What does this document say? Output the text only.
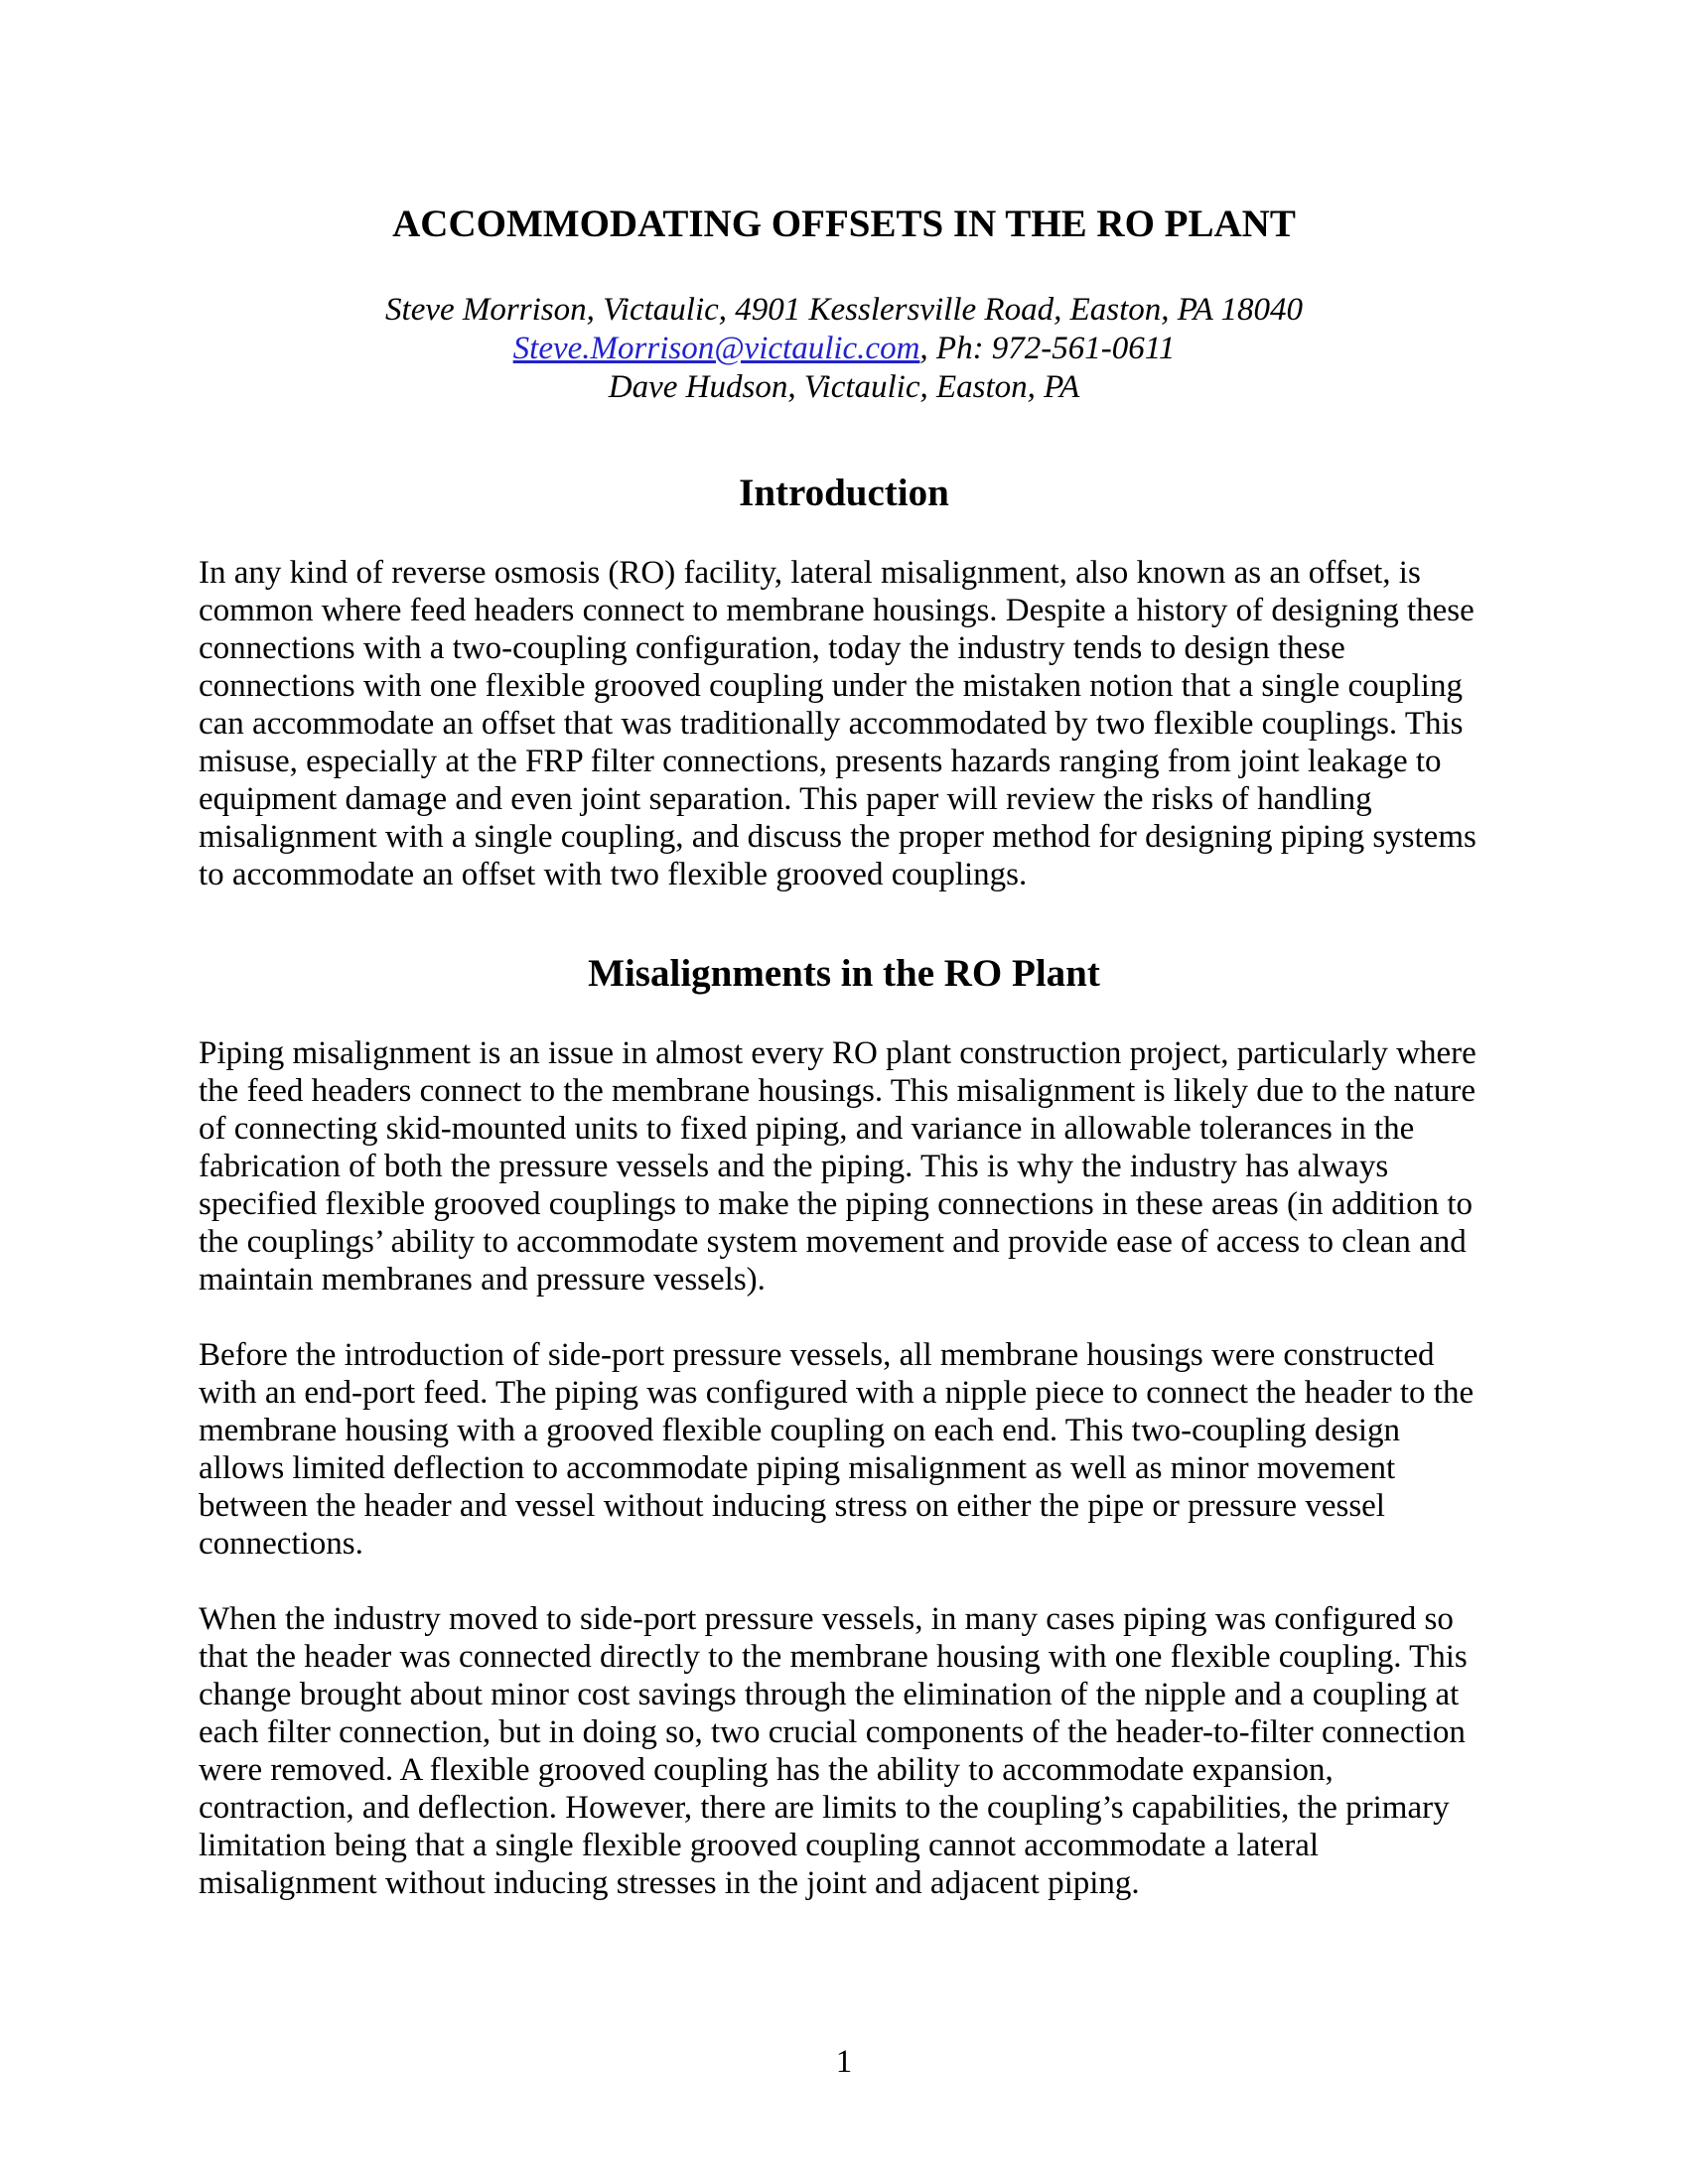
ACCOMMODATING OFFSETS IN THE RO PLANT
Steve Morrison, Victaulic, 4901 Kesslersville Road, Easton, PA 18040
Steve.Morrison@victaulic.com, Ph: 972-561-0611
Dave Hudson, Victaulic, Easton, PA
Introduction

In any kind of reverse osmosis (RO) facility, lateral misalignment, also known as an offset, is common where feed headers connect to membrane housings. Despite a history of designing these connections with a two-coupling configuration, today the industry tends to design these connections with one flexible grooved coupling under the mistaken notion that a single coupling can accommodate an offset that was traditionally accommodated by two flexible couplings. This misuse, especially at the FRP filter connections, presents hazards ranging from joint leakage to equipment damage and even joint separation. This paper will review the risks of handling misalignment with a single coupling, and discuss the proper method for designing piping systems to accommodate an offset with two flexible grooved couplings.

Misalignments in the RO Plant

Piping misalignment is an issue in almost every RO plant construction project, particularly where the feed headers connect to the membrane housings. This misalignment is likely due to the nature of connecting skid-mounted units to fixed piping, and variance in allowable tolerances in the fabrication of both the pressure vessels and the piping. This is why the industry has always specified flexible grooved couplings to make the piping connections in these areas (in addition to the couplings’ ability to accommodate system movement and provide ease of access to clean and maintain membranes and pressure vessels).

Before the introduction of side-port pressure vessels, all membrane housings were constructed with an end-port feed. The piping was configured with a nipple piece to connect the header to the membrane housing with a grooved flexible coupling on each end. This two-coupling design allows limited deflection to accommodate piping misalignment as well as minor movement between the header and vessel without inducing stress on either the pipe or pressure vessel connections.

When the industry moved to side-port pressure vessels, in many cases piping was configured so that the header was connected directly to the membrane housing with one flexible coupling. This change brought about minor cost savings through the elimination of the nipple and a coupling at each filter connection, but in doing so, two crucial components of the header-to-filter connection were removed. A flexible grooved coupling has the ability to accommodate expansion, contraction, and deflection. However, there are limits to the coupling’s capabilities, the primary limitation being that a single flexible grooved coupling cannot accommodate a lateral misalignment without inducing stresses in the joint and adjacent piping.

1
